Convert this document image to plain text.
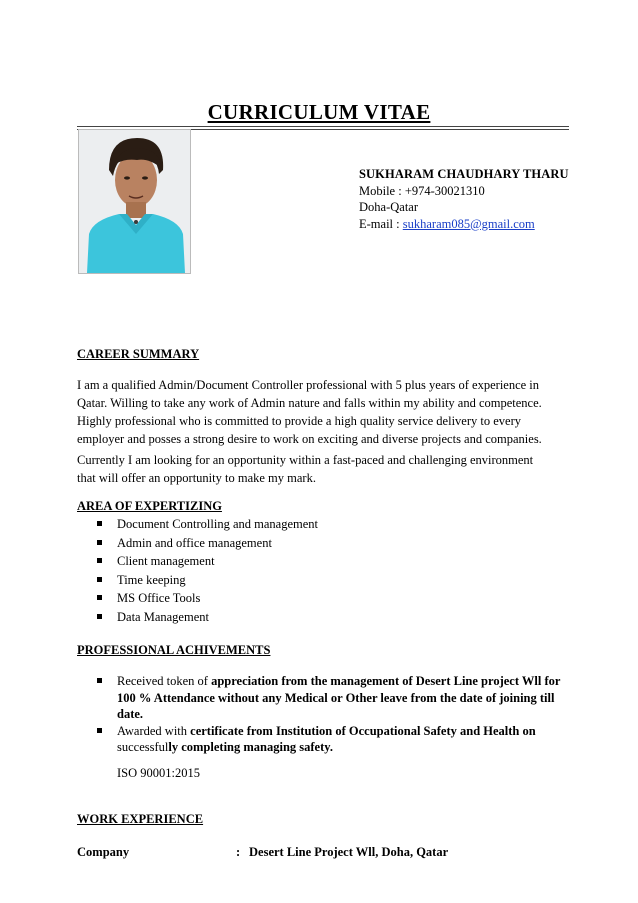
CURRICULUM VITAE
SUKHARAM CHAUDHARY THARU
Mobile : +974-30021310
Doha-Qatar
E-mail : sukharam085@gmail.com
CAREER SUMMARY
I am a qualified Admin/Document Controller professional with 5 plus years of experience in
Qatar. Willing to take any work of Admin nature and falls within my ability and competence.
Highly professional who is committed to provide a high quality service delivery to every
employer and posses a strong desire to work on exciting and diverse projects and companies.
Currently I am looking for an opportunity within a fast-paced and challenging environment
that will offer an opportunity to make my mark.
AREA OF EXPERTIZING
Document Controlling and management
Admin and office management
Client management
Time keeping
MS Office Tools
Data Management
PROFESSIONAL ACHIVEMENTS
Received token of appreciation from the management of Desert Line project Wll for 100 % Attendance without any Medical or Other leave from the date of joining till date.
Awarded with certificate from Institution of Occupational Safety and Health on successfully completing managing safety.
ISO 90001:2015
WORK EXPERIENCE
Company	: Desert Line Project Wll, Doha, Qatar
